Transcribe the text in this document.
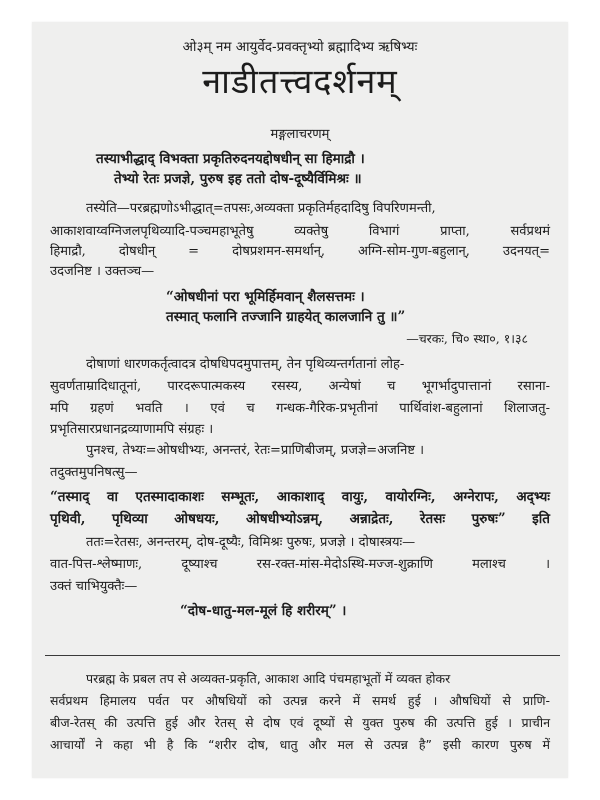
ओ३म् नम आयुर्वेद-प्रवक्तृभ्यो ब्रह्मादिभ्य ऋषिभ्यः
नाडीतत्त्वदर्शनम्
मङ्गलाचरणम्
तस्याभीद्धाद् विभक्ता प्रकृतिरुदनयद्दोषधीन् सा हिमाद्रौ ।
तेभ्यो रेतः प्रजज्ञे, पुरुष इह ततो दोष-दूष्यैर्विमिश्रः ॥
तस्येति—परब्रह्मणोऽभीद्धात्=तपसः,अव्यक्ता प्रकृतिर्महदादिषु विपरिणमन्ती,
आकाशवाय्वग्निजलपृथिव्यादि-पञ्चमहाभूतेषु व्यक्तेषु विभागं प्राप्ता, सर्वप्रथमं
हिमाद्रौ, दोषधीन् = दोषप्रशमन-समर्थान्, अग्नि-सोम-गुण-बहुलान्, उदनयत्=
उदजनिष्ट । उक्तञ्च—
“ओषधीनां परा भूमिर्हिमवान् शैलसत्तमः ।
तस्मात् फलानि तज्जानि ग्राहयेत् कालजानि तु ॥”
—चरकः, चि० स्था०, १।३८
दोषाणां धारणकर्तृत्वादत्र दोषधिपदमुपात्तम्, तेन पृथिव्यन्तर्गतानां लोह-
सुवर्णताम्रादिधातूनां, पारदरूपात्मकस्य रसस्य, अन्येषां च भूगर्भादुपात्तानां रसाना-
मपि ग्रहणं भवति । एवं च गन्धक-गैरिक-प्रभृतीनां पार्थिवांश-बहुलानां शिलाजतु-
प्रभृतिसारप्रधानद्रव्याणामपि संग्रहः ।
पुनश्च, तेभ्यः=ओषधीभ्यः, अनन्तरं, रेतः=प्राणिबीजम्, प्रजज्ञे=अजनिष्ट ।
तदुक्तमुपनिषत्सु—
“तस्माद् वा एतस्मादाकाशः सम्भूतः, आकाशाद् वायुः, वायोरग्निः, अग्नेरापः, अद्भ्यः
पृथिवी, पृथिव्या ओषधयः, ओषधीभ्योऽन्नम्, अन्नाद्रेतः, रेतसः पुरुषः” इति
ततः=रेतसः, अनन्तरम्, दोष-दूष्यैः, विमिश्रः पुरुषः, प्रजज्ञे । दोषास्त्रयः—
वात-पित्त-श्लेष्माणः, दूष्याश्च रस-रक्त-मांस-मेदोऽस्थि-मज्ज-शुक्राणि मलाश्च ।
उक्तं चाभियुक्तैः—
“दोष-धातु-मल-मूलं हि शरीरम्” ।
परब्रह्म के प्रबल तप से अव्यक्त-प्रकृति, आकाश आदि पंचमहाभूतों में व्यक्त होकर
सर्वप्रथम हिमालय पर्वत पर औषधियों को उत्पन्न करने में समर्थ हुई । औषधियों से प्राणि-
बीज-रेतस् की उत्पत्ति हुई और रेतस् से दोष एवं दूष्यों से युक्त पुरुष की उत्पत्ति हुई । प्राचीन
आचार्यों ने कहा भी है कि “शरीर दोष, धातु और मल से उत्पन्न है” इसी कारण पुरुष में
